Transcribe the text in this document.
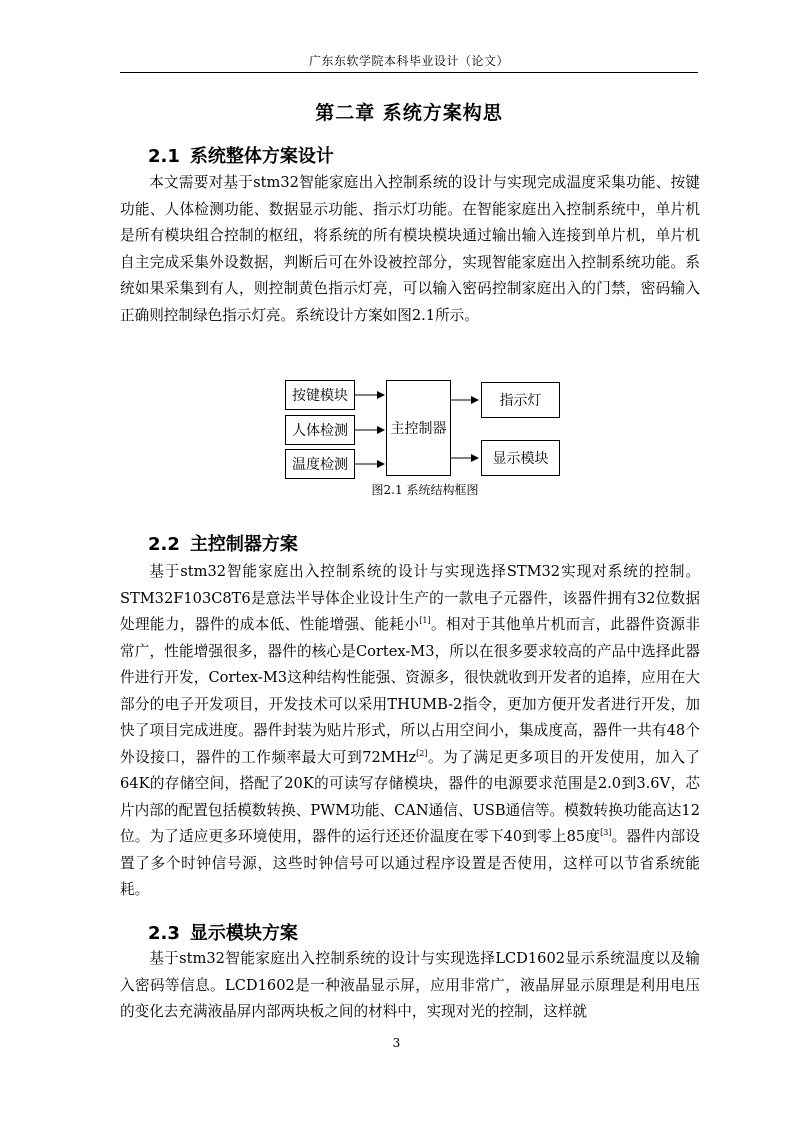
广东东软学院本科毕业设计（论文）
第二章 系统方案构思
2.1 系统整体方案设计

本文需要对基于stm32智能家庭出入控制系统的设计与实现完成温度采集功能、按键功能、人体检测功能、数据显示功能、指示灯功能。在智能家庭出入控制系统中，单片机是所有模块组合控制的枢纽，将系统的所有模块模块通过输出输入连接到单片机，单片机自主完成采集外设数据，判断后可在外设被控部分，实现智能家庭出入控制系统功能。系统如果采集到有人，则控制黄色指示灯亮，可以输入密码控制家庭出入的门禁，密码输入正确则控制绿色指示灯亮。系统设计方案如图2.1所示。

按键模块
人体检测
温度检测
主控制器
指示灯
显示模块
图2.1 系统结构框图
2.2 主控制器方案

基于stm32智能家庭出入控制系统的设计与实现选择STM32实现对系统的控制。STM32F103C8T6是意法半导体企业设计生产的一款电子元器件，该器件拥有32位数据处理能力，器件的成本低、性能增强、能耗小[1]。相对于其他单片机而言，此器件资源非常广，性能增强很多，器件的核心是Cortex-M3，所以在很多要求较高的产品中选择此器件进行开发，Cortex-M3这种结构性能强、资源多，很快就收到开发者的追捧，应用在大部分的电子开发项目，开发技术可以采用THUMB-2指令，更加方便开发者进行开发，加快了项目完成进度。器件封装为贴片形式，所以占用空间小，集成度高，器件一共有48个外设接口，器件的工作频率最大可到72MHz[2]。为了满足更多项目的开发使用，加入了64K的存储空间，搭配了20K的可读写存储模块，器件的电源要求范围是2.0到3.6V，芯片内部的配置包括模数转换、PWM功能、CAN通信、USB通信等。模数转换功能高达12位。为了适应更多环境使用，器件的运行还还价温度在零下40到零上85度[3]。器件内部设置了多个时钟信号源，这些时钟信号可以通过程序设置是否使用，这样可以节省系统能耗。

2.3 显示模块方案

基于stm32智能家庭出入控制系统的设计与实现选择LCD1602显示系统温度以及输入密码等信息。LCD1602是一种液晶显示屏，应用非常广，液晶屏显示原理是利用电压的变化去充满液晶屏内部两块板之间的材料中，实现对光的控制，这样就

3
